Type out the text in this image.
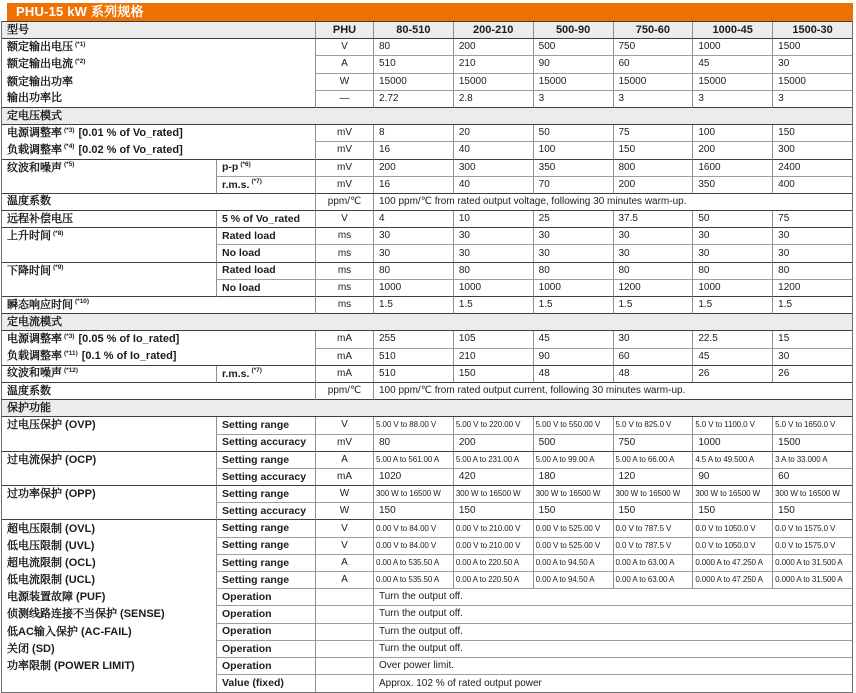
PHU-15 kW 系列规格
型号	PHU	80-510	200-210	500-90	750-60	1000-45	1500-30
额定输出电压 $^{(*1)}$	V	80	200	500	750	1000	1500
额定输出电流 $^{(*2)}$	A	510	210	90	60	45	30
额定输出功率	W	15000	15000	15000	15000	15000	15000
输出功率比	—	2.72	2.8	3	3	3	3
定电压模式
电源调整率 $^{(*3)}$ [0.01 % of Vo_rated]	mV	8	20	50	75	100	150
负载调整率 $^{(*4)}$ [0.02 % of Vo_rated]	mV	16	40	100	150	200	300
纹波和噪声 $^{(*5)}$	p-p $^{(*6)}$	mV	200	300	350	800	1600	2400
r.m.s. $^{(*7)}$	mV	16	40	70	200	350	400
温度系数	ppm/℃	100 ppm/℃ from rated output voltage, following 30 minutes warm-up.
远程补偿电压	5 % of Vo_rated	V	4	10	25	37.5	50	75
上升时间 $^{(*8)}$	Rated load	ms	30	30	30	30	30	30
No load	ms	30	30	30	30	30	30
下降时间 $^{(*9)}$	Rated load	ms	80	80	80	80	80	80
No load	ms	1000	1000	1000	1200	1000	1200
瞬态响应时间 $^{(*10)}$	ms	1.5	1.5	1.5	1.5	1.5	1.5
定电流模式
电源调整率 $^{(*3)}$ [0.05 % of Io_rated]	mA	255	105	45	30	22.5	15
负载调整率 $^{(*11)}$ [0.1 % of Io_rated]	mA	510	210	90	60	45	30
纹波和噪声 $^{(*12)}$	r.m.s. $^{(*7)}$	mA	510	150	48	48	26	26
温度系数	ppm/℃	100 ppm/℃ from rated output current, following 30 minutes warm-up.
保护功能
过电压保护 (OVP)	Setting range	V	5.00 V to 88.00 V	5.00 V to 220.00 V	5.00 V to 550.00 V	5.0 V to 825.0 V	5.0 V to 1100.0 V	5.0 V to 1650.0 V
Setting accuracy	mV	80	200	500	750	1000	1500
过电流保护 (OCP)	Setting range	A	5.00 A to 561.00 A	5.00 A to 231.00 A	5.00 A to 99.00 A	5.00 A to 66.00 A	4.5 A to 49.500 A	3 A to 33.000 A
Setting accuracy	mA	1020	420	180	120	90	60
过功率保护 (OPP)	Setting range	W	300 W to 16500 W	300 W to 16500 W	300 W to 16500 W	300 W to 16500 W	300 W to 16500 W	300 W to 16500 W
Setting accuracy	W	150	150	150	150	150	150
超电压限制 (OVL)	Setting range	V	0.00 V to 84.00 V	0.00 V to 210.00 V	0.00 V to 525.00 V	0.0 V to 787.5 V	0.0 V to 1050.0 V	0.0 V to 1575.0 V
低电压限制 (UVL)	Setting range	V	0.00 V to 84.00 V	0.00 V to 210.00 V	0.00 V to 525.00 V	0.0 V to 787.5 V	0.0 V to 1050.0 V	0.0 V to 1575.0 V
超电流限制 (OCL)	Setting range	A	0.00 A to 535.50 A	0.00 A to 220.50 A	0.00 A to 94.50 A	0.00 A to 63.00 A	0.000 A to 47.250 A	0.000 A to 31.500 A
低电流限制 (UCL)	Setting range	A	0.00 A to 535.50 A	0.00 A to 220.50 A	0.00 A to 94.50 A	0.00 A to 63.00 A	0.000 A to 47.250 A	0.000 A to 31.500 A
电源装置故障 (PUF)	Operation	Turn the output off.
侦测线路连接不当保护 (SENSE)	Operation	Turn the output off.
低AC输入保护 (AC-FAIL)	Operation	Turn the output off.
关闭 (SD)	Operation	Turn the output off.
功率限制 (POWER LIMIT)	Operation	Over power limit.
Value (fixed)	Approx. 102 % of rated output power
